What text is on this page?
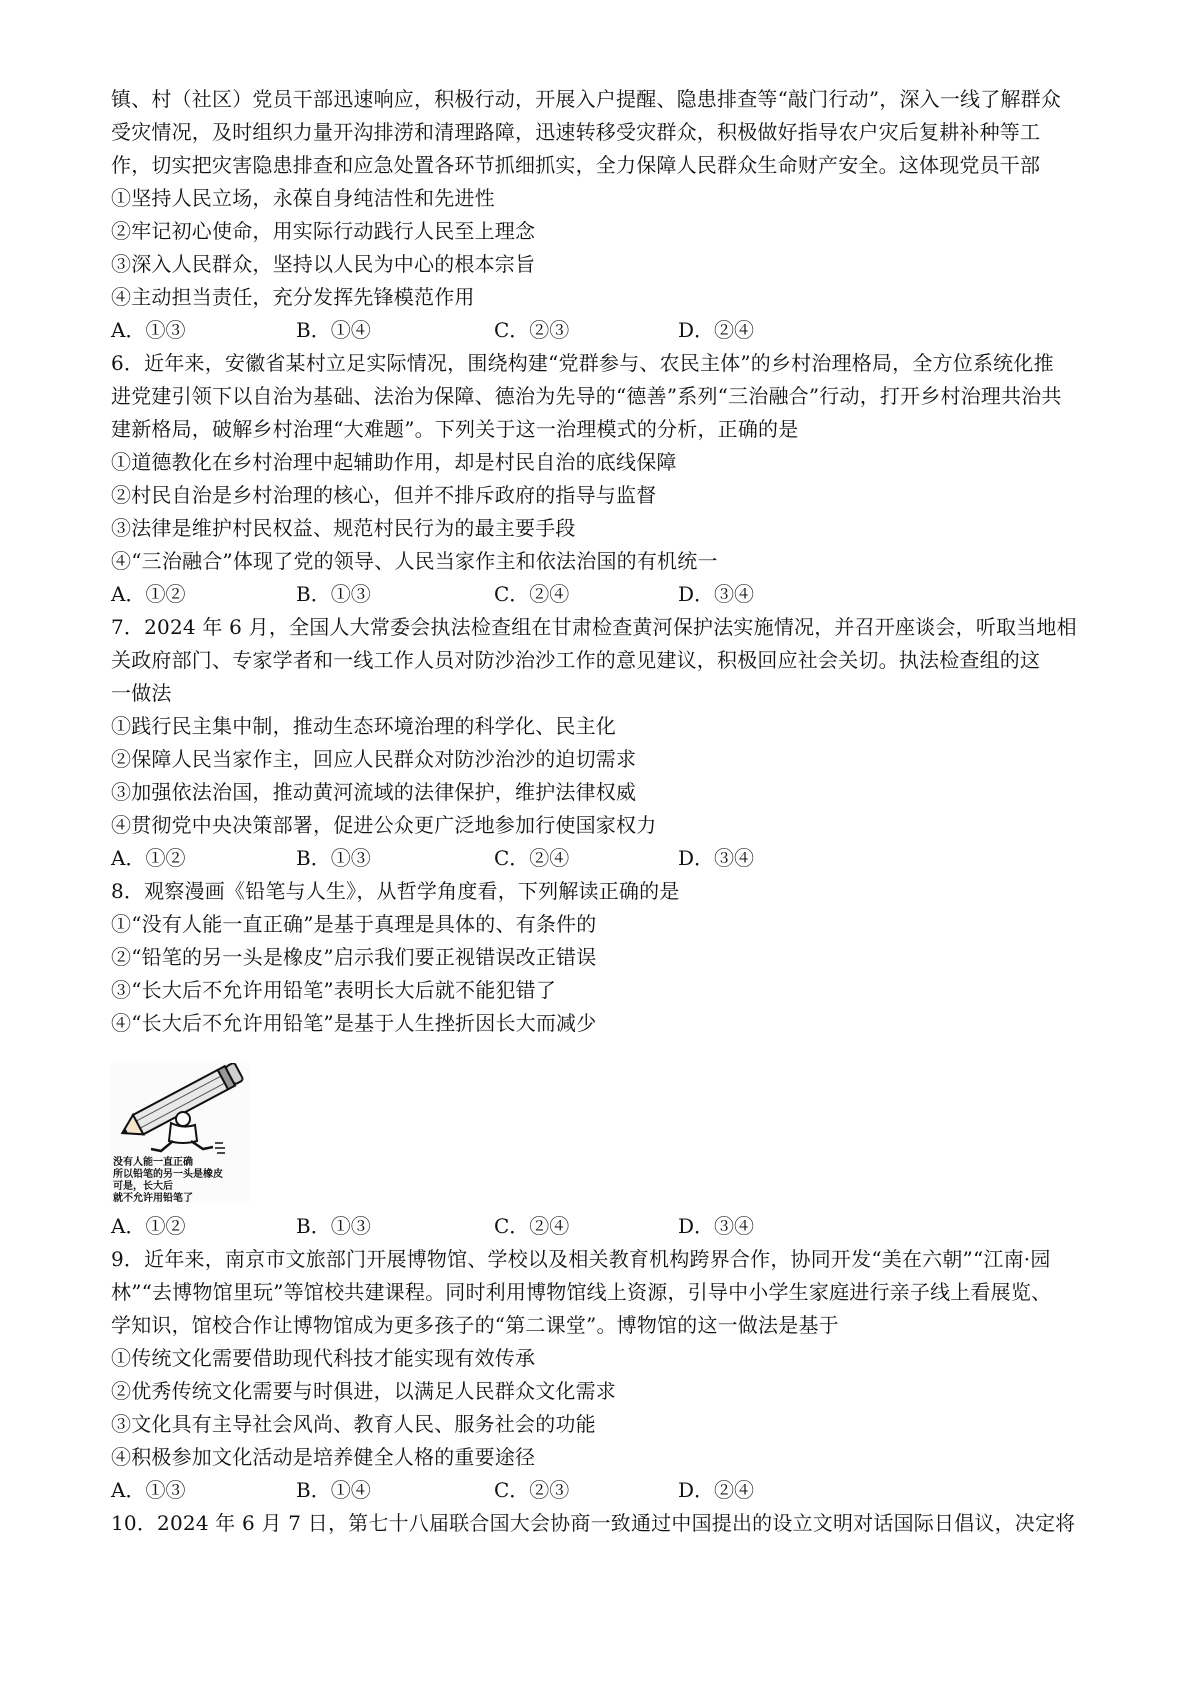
镇、村（社区）党员干部迅速响应，积极行动，开展入户提醒、隐患排查等“敲门行动”，深入一线了解群众
受灾情况，及时组织力量开沟排涝和清理路障，迅速转移受灾群众，积极做好指导农户灾后复耕补种等工
作，切实把灾害隐患排查和应急处置各环节抓细抓实，全力保障人民群众生命财产安全。这体现党员干部
①坚持人民立场，永葆自身纯洁性和先进性
②牢记初心使命，用实际行动践行人民至上理念
③深入人民群众，坚持以人民为中心的根本宗旨
④主动担当责任，充分发挥先锋模范作用
A．①③	B．①④	C．②③	D．②④
6．近年来，安徽省某村立足实际情况，围绕构建“党群参与、农民主体”的乡村治理格局，全方位系统化推
进党建引领下以自治为基础、法治为保障、德治为先导的“德善”系列“三治融合”行动，打开乡村治理共治共
建新格局，破解乡村治理“大难题”。下列关于这一治理模式的分析，正确的是
①道德教化在乡村治理中起辅助作用，却是村民自治的底线保障
②村民自治是乡村治理的核心，但并不排斥政府的指导与监督
③法律是维护村民权益、规范村民行为的最主要手段
④“三治融合”体现了党的领导、人民当家作主和依法治国的有机统一
A．①②	B．①③	C．②④	D．③④
7．2024 年 6 月，全国人大常委会执法检查组在甘肃检查黄河保护法实施情况，并召开座谈会，听取当地相
关政府部门、专家学者和一线工作人员对防沙治沙工作的意见建议，积极回应社会关切。执法检查组的这
一做法
①践行民主集中制，推动生态环境治理的科学化、民主化
②保障人民当家作主，回应人民群众对防沙治沙的迫切需求
③加强依法治国，推动黄河流域的法律保护，维护法律权威
④贯彻党中央决策部署，促进公众更广泛地参加行使国家权力
A．①②	B．①③	C．②④	D．③④
8．观察漫画《铅笔与人生》，从哲学角度看，下列解读正确的是
①“没有人能一直正确”是基于真理是具体的、有条件的
②“铅笔的另一头是橡皮”启示我们要正视错误改正错误
③“长大后不允许用铅笔”表明长大后就不能犯错了
④“长大后不允许用铅笔”是基于人生挫折因长大而减少
没有人能一直正确
所以铅笔的另一头是橡皮
可是，长大后
就不允许用铅笔了
A．①②	B．①③	C．②④	D．③④
9．近年来，南京市文旅部门开展博物馆、学校以及相关教育机构跨界合作，协同开发“美在六朝”“江南·园
林”“去博物馆里玩”等馆校共建课程。同时利用博物馆线上资源，引导中小学生家庭进行亲子线上看展览、
学知识，馆校合作让博物馆成为更多孩子的“第二课堂”。博物馆的这一做法是基于
①传统文化需要借助现代科技才能实现有效传承
②优秀传统文化需要与时俱进，以满足人民群众文化需求
③文化具有主导社会风尚、教育人民、服务社会的功能
④积极参加文化活动是培养健全人格的重要途径
A．①③	B．①④	C．②③	D．②④
10．2024 年 6 月 7 日，第七十八届联合国大会协商一致通过中国提出的设立文明对话国际日倡议，决定将
